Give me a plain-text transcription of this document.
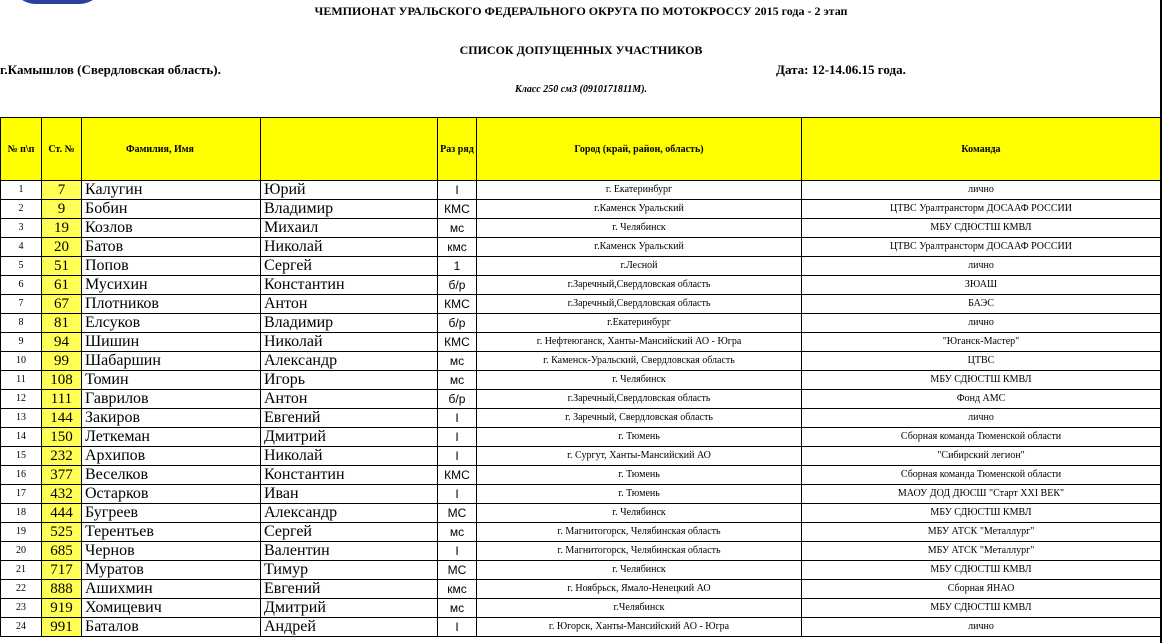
ЧЕМПИОНАТ УРАЛЬСКОГО ФЕДЕРАЛЬНОГО ОКРУГА ПО МОТОКРОССУ 2015 года - 2 этап
СПИСОК ДОПУЩЕННЫХ УЧАСТНИКОВ
г.Камышлов (Свердловская область).	Дата: 12-14.06.15 года.
Класс 250 см3 (0910171811М).
№ п\п	Ст. №	Фамилия, Имя		Раз ряд	Город (край, район, область)	Команда
1	7	Калугин	Юрий	I	г. Екатеринбург	лично
2	9	Бобин	Владимир	КМС	г.Каменск Уральский	ЦТВС Уралтрансторм ДОСААФ РОССИИ
3	19	Козлов	Михаил	мс	г. Челябинск	МБУ СДЮСТШ КМВЛ
4	20	Батов	Николай	кмс	г.Каменск Уральский	ЦТВС Уралтрансторм ДОСААФ РОССИИ
5	51	Попов	Сергей	1	г.Лесной	лично
6	61	Мусихин	Константин	б/р	г.Заречный,Свердловская область	ЗЮАШ
7	67	Плотников	Антон	КМС	г.Заречный,Свердловская область	БАЭС
8	81	Елсуков	Владимир	б/р	г.Екатеринбург	лично
9	94	Шишин	Николай	КМС	г. Нефтеюганск, Ханты-Мансийский АО - Югра	"Юганск-Мастер"
10	99	Шабаршин	Александр	мс	г. Каменск-Уральский, Свердловская область	ЦТВС
11	108	Томин	Игорь	мс	г. Челябинск	МБУ СДЮСТШ КМВЛ
12	111	Гаврилов	Антон	б/р	г.Заречный,Свердловская область	Фонд АМС
13	144	Закиров	Евгений	I	г. Заречный, Свердловская область	лично
14	150	Леткеман	Дмитрий	I	г. Тюмень	Сборная команда Тюменской области
15	232	Архипов	Николай	I	г. Сургут, Ханты-Мансийский АО	"Сибирский легион"
16	377	Веселков	Константин	КМС	г. Тюмень	Сборная команда Тюменской области
17	432	Остарков	Иван	I	г. Тюмень	МАОУ ДОД ДЮСШ "Старт XXI ВЕК"
18	444	Бугреев	Александр	МС	г. Челябинск	МБУ СДЮСТШ КМВЛ
19	525	Терентьев	Сергей	мс	г. Магнитогорск, Челябинская область	МБУ АТСК "Металлург"
20	685	Чернов	Валентин	I	г. Магнитогорск, Челябинская область	МБУ АТСК "Металлург"
21	717	Муратов	Тимур	МС	г. Челябинск	МБУ СДЮСТШ КМВЛ
22	888	Ашихмин	Евгений	кмс	г. Ноябрьск, Ямало-Ненецкий АО	Сборная ЯНАО
23	919	Хомицевич	Дмитрий	мс	г.Челябинск	МБУ СДЮСТШ КМВЛ
24	991	Баталов	Андрей	I	г. Югорск, Ханты-Мансийский АО - Югра	лично
